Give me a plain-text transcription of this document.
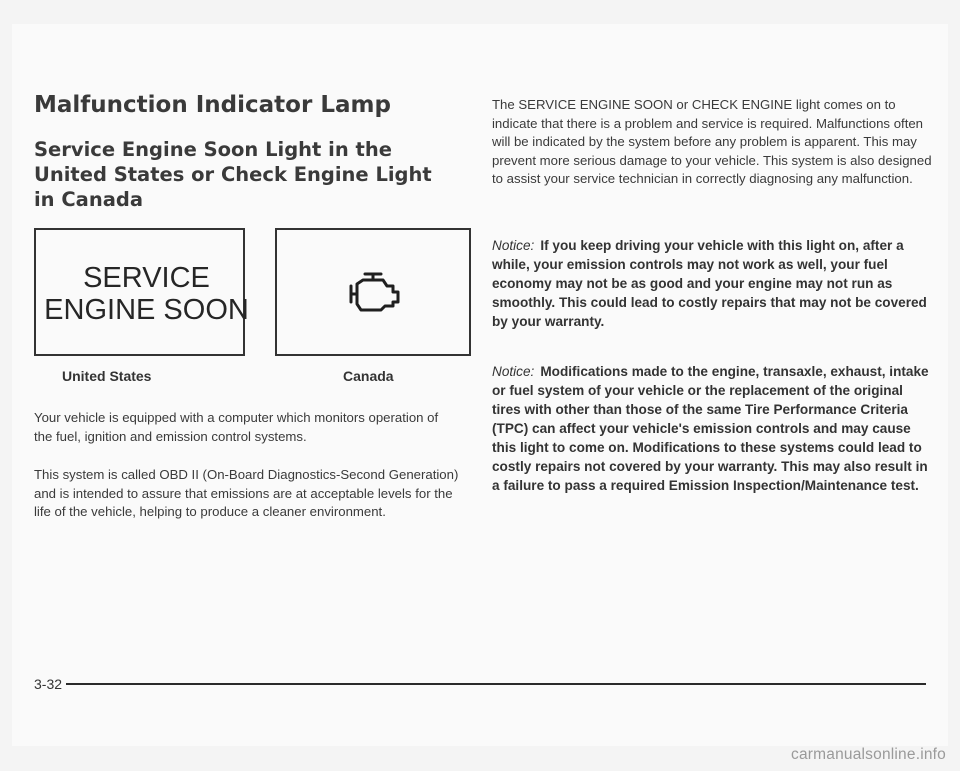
Malfunction Indicator Lamp
Service Engine Soon Light in the United States or Check Engine Light in Canada
SERVICE
ENGINE SOON
United States	Canada

Your vehicle is equipped with a computer which monitors operation of the fuel, ignition and emission control systems.

This system is called OBD II (On-Board Diagnostics-Second Generation) and is intended to assure that emissions are at acceptable levels for the life of the vehicle, helping to produce a cleaner environment.

The SERVICE ENGINE SOON or CHECK ENGINE light comes on to indicate that there is a problem and service is required. Malfunctions often will be indicated by the system before any problem is apparent. This may prevent more serious damage to your vehicle. This system is also designed to assist your service technician in correctly diagnosing any malfunction.

Notice: If you keep driving your vehicle with this light on, after a while, your emission controls may not work as well, your fuel economy may not be as good and your engine may not run as smoothly. This could lead to costly repairs that may not be covered by your warranty.

Notice: Modifications made to the engine, transaxle, exhaust, intake or fuel system of your vehicle or the replacement of the original tires with other than those of the same Tire Performance Criteria (TPC) can affect your vehicle's emission controls and may cause this light to come on. Modifications to these systems could lead to costly repairs not covered by your warranty. This may also result in a failure to pass a required Emission Inspection/Maintenance test.

3-32
carmanualsonline.info
